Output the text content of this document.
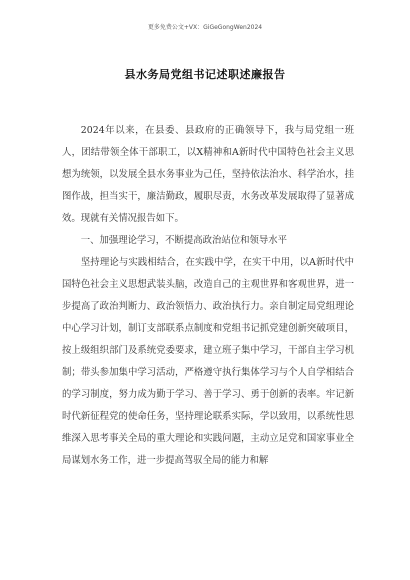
更多免费公文+VX：GiGeGongWen2024
县水务局党组书记述职述廉报告

2024年以来，在县委、县政府的正确领导下，我与局党组一班人，团结带领全体干部职工，以X精神和A新时代中国特色社会主义思想为统领，以发展全县水务事业为己任，坚持依法治水、科学治水，挂图作战，担当实干，廉洁勤政，履职尽责，水务改革发展取得了显著成效。现就有关情况报告如下。

一、加强理论学习，不断提高政治站位和领导水平

坚持理论与实践相结合，在实践中学，在实干中用，以A新时代中国特色社会主义思想武装头脑，改造自己的主观世界和客观世界，进一步提高了政治判断力、政治领悟力、政治执行力。亲自制定局党组理论中心学习计划，制订支部联系点制度和党组书记抓党建创新突破项目，按上级组织部门及系统党委要求，建立班子集中学习，干部自主学习机制；带头参加集中学习活动，严格遵守执行集体学习与个人自学相结合的学习制度，努力成为勤于学习、善于学习、勇于创新的表率。牢记新时代新征程党的使命任务，坚持理论联系实际，学以致用，以系统性思维深入思考事关全局的重大理论和实践问题，主动立足党和国家事业全局谋划水务工作，进一步提高驾驭全局的能力和解
